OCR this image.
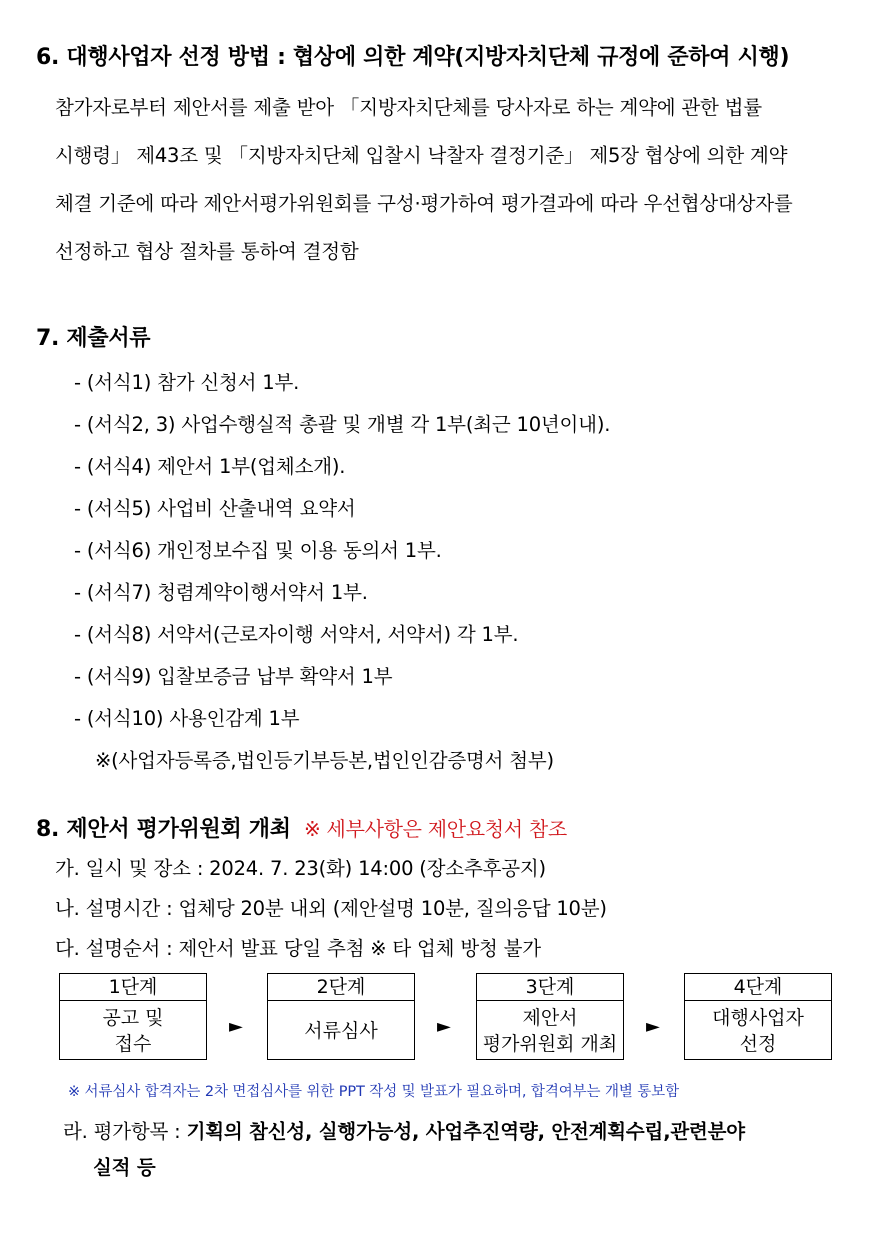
6. 대행사업자 선정 방법 : 협상에 의한 계약(지방자치단체 규정에 준하여 시행)
참가자로부터 제안서를 제출 받아 「지방자치단체를 당사자로 하는 계약에 관한 법률
시행령」 제43조 및 「지방자치단체 입찰시 낙찰자 결정기준」 제5장 협상에 의한 계약
체결 기준에 따라 제안서평가위원회를 구성·평가하여 평가결과에 따라 우선협상대상자를
선정하고 협상 절차를 통하여 결정함
7. 제출서류
- (서식1) 참가 신청서 1부.
- (서식2, 3) 사업수행실적 총괄 및 개별 각 1부(최근 10년이내).
- (서식4) 제안서 1부(업체소개).
- (서식5) 사업비 산출내역 요약서
- (서식6) 개인정보수집 및 이용 동의서 1부.
- (서식7) 청렴계약이행서약서 1부.
- (서식8) 서약서(근로자이행 서약서, 서약서) 각 1부.
- (서식9) 입찰보증금 납부 확약서 1부
- (서식10) 사용인감계 1부
※(사업자등록증,법인등기부등본,법인인감증명서 첨부)
8. 제안서 평가위원회 개최 ※ 세부사항은 제안요청서 참조
가. 일시 및 장소 : 2024. 7. 23(화) 14:00 (장소추후공지)
나. 설명시간 : 업체당 20분 내외 (제안설명 10분, 질의응답 10분)
다. 설명순서 : 제안서 발표 당일 추첨 ※ 타 업체 방청 불가
1단계
공고 및
접수
►
2단계
서류심사	►
3단계
제안서
평가위원회 개최
►
4단계
대행사업자
선정
※ 서류심사 합격자는 2차 면접심사를 위한 PPT 작성 및 발표가 필요하며, 합격여부는 개별 통보함
라. 평가항목 : 기획의 참신성, 실행가능성, 사업추진역량, 안전계획수립,관련분야
실적 등
